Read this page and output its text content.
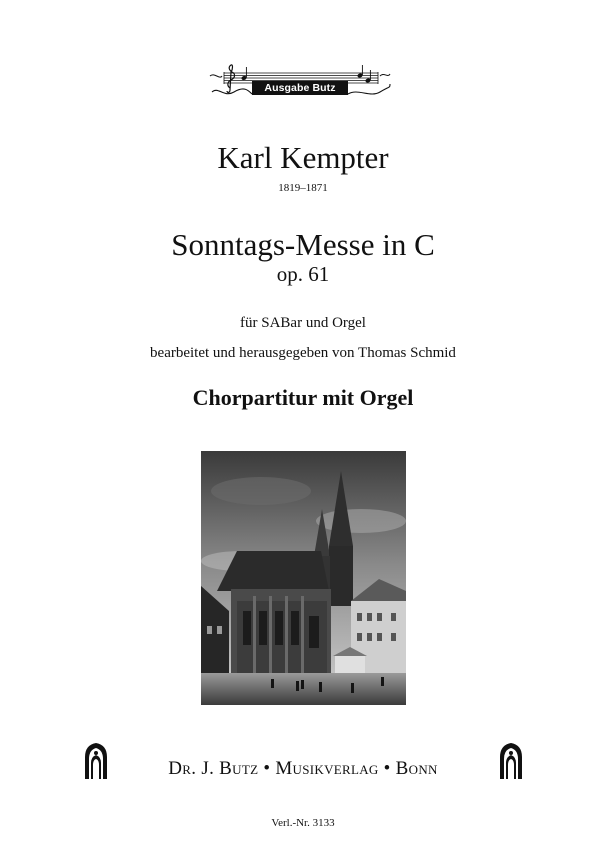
Ausgabe Butz
Karl Kempter
1819–1871
Sonntags-Messe in C
op. 61
für SABar und Orgel
bearbeitet und herausgegeben von Thomas Schmid
Chorpartitur mit Orgel
Dr. J. Butz • Musikverlag • Bonn
Verl.-Nr. 3133
